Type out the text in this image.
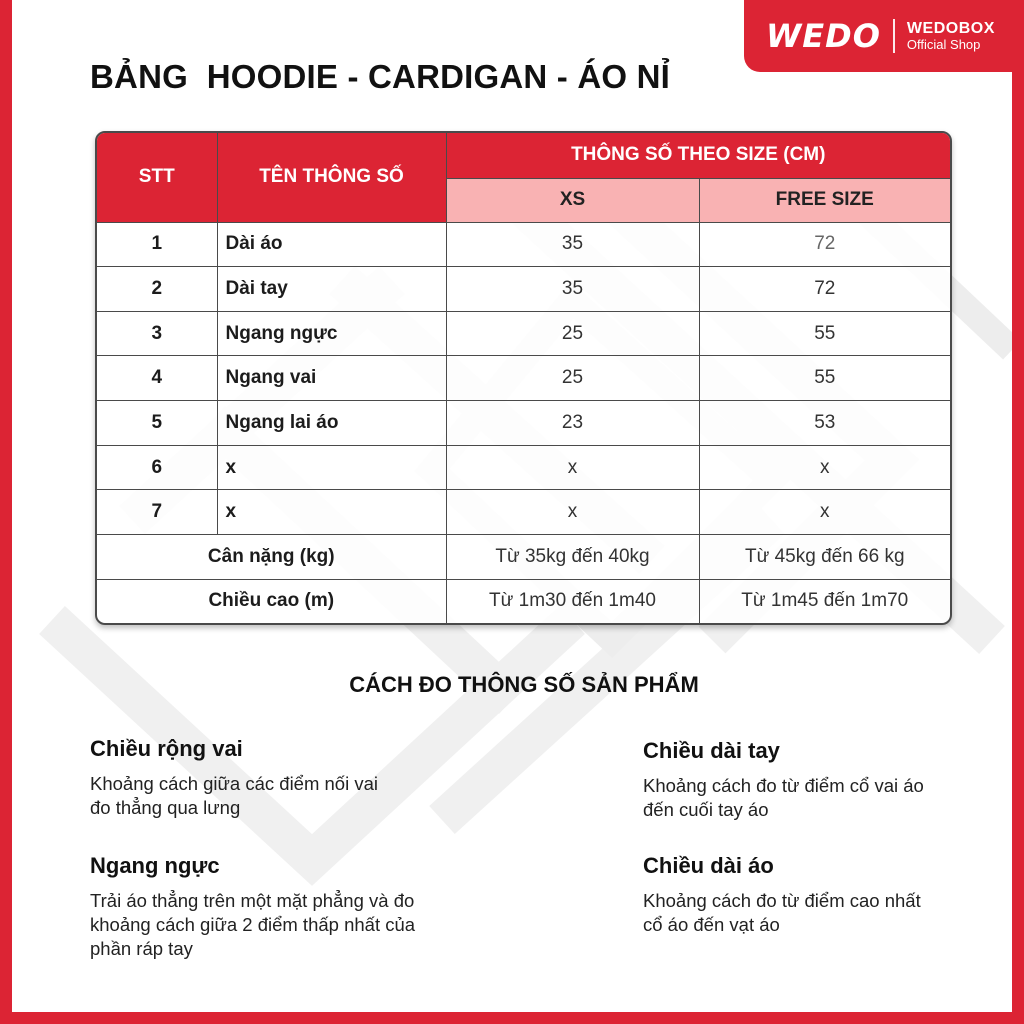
WEDO WEDOBOX
Official Shop
BẢNG  HOODIE - CARDIGAN - ÁO NỈ
STT	TÊN THÔNG SỐ	THÔNG SỐ THEO SIZE (CM)	
		XS	FREE SIZE
1	Dài áo	35	72
2	Dài tay	35	72
3	Ngang ngực	25	55
4	Ngang vai	25	55
5	Ngang lai áo	23	53
6	x	x	x
7	x	x	x
Cân nặng (kg)		Từ 35kg đến 40kg	Từ 45kg đến 66 kg
Chiều cao (m)		Từ 1m30 đến 1m40	Từ 1m45 đến 1m70
CÁCH ĐO THÔNG SỐ SẢN PHẨM
Chiều rộng vai

Khoảng cách giữa các điểm nối vai

đo thẳng qua lưng

Chiều dài tay

Khoảng cách đo từ điểm cổ vai áo

đến cuối tay áo

Ngang ngực

Trải áo thẳng trên một mặt phẳng và đo

khoảng cách giữa 2 điểm thấp nhất của

phần ráp tay

Chiều dài áo

Khoảng cách đo từ điểm cao nhất

cổ áo đến vạt áo
